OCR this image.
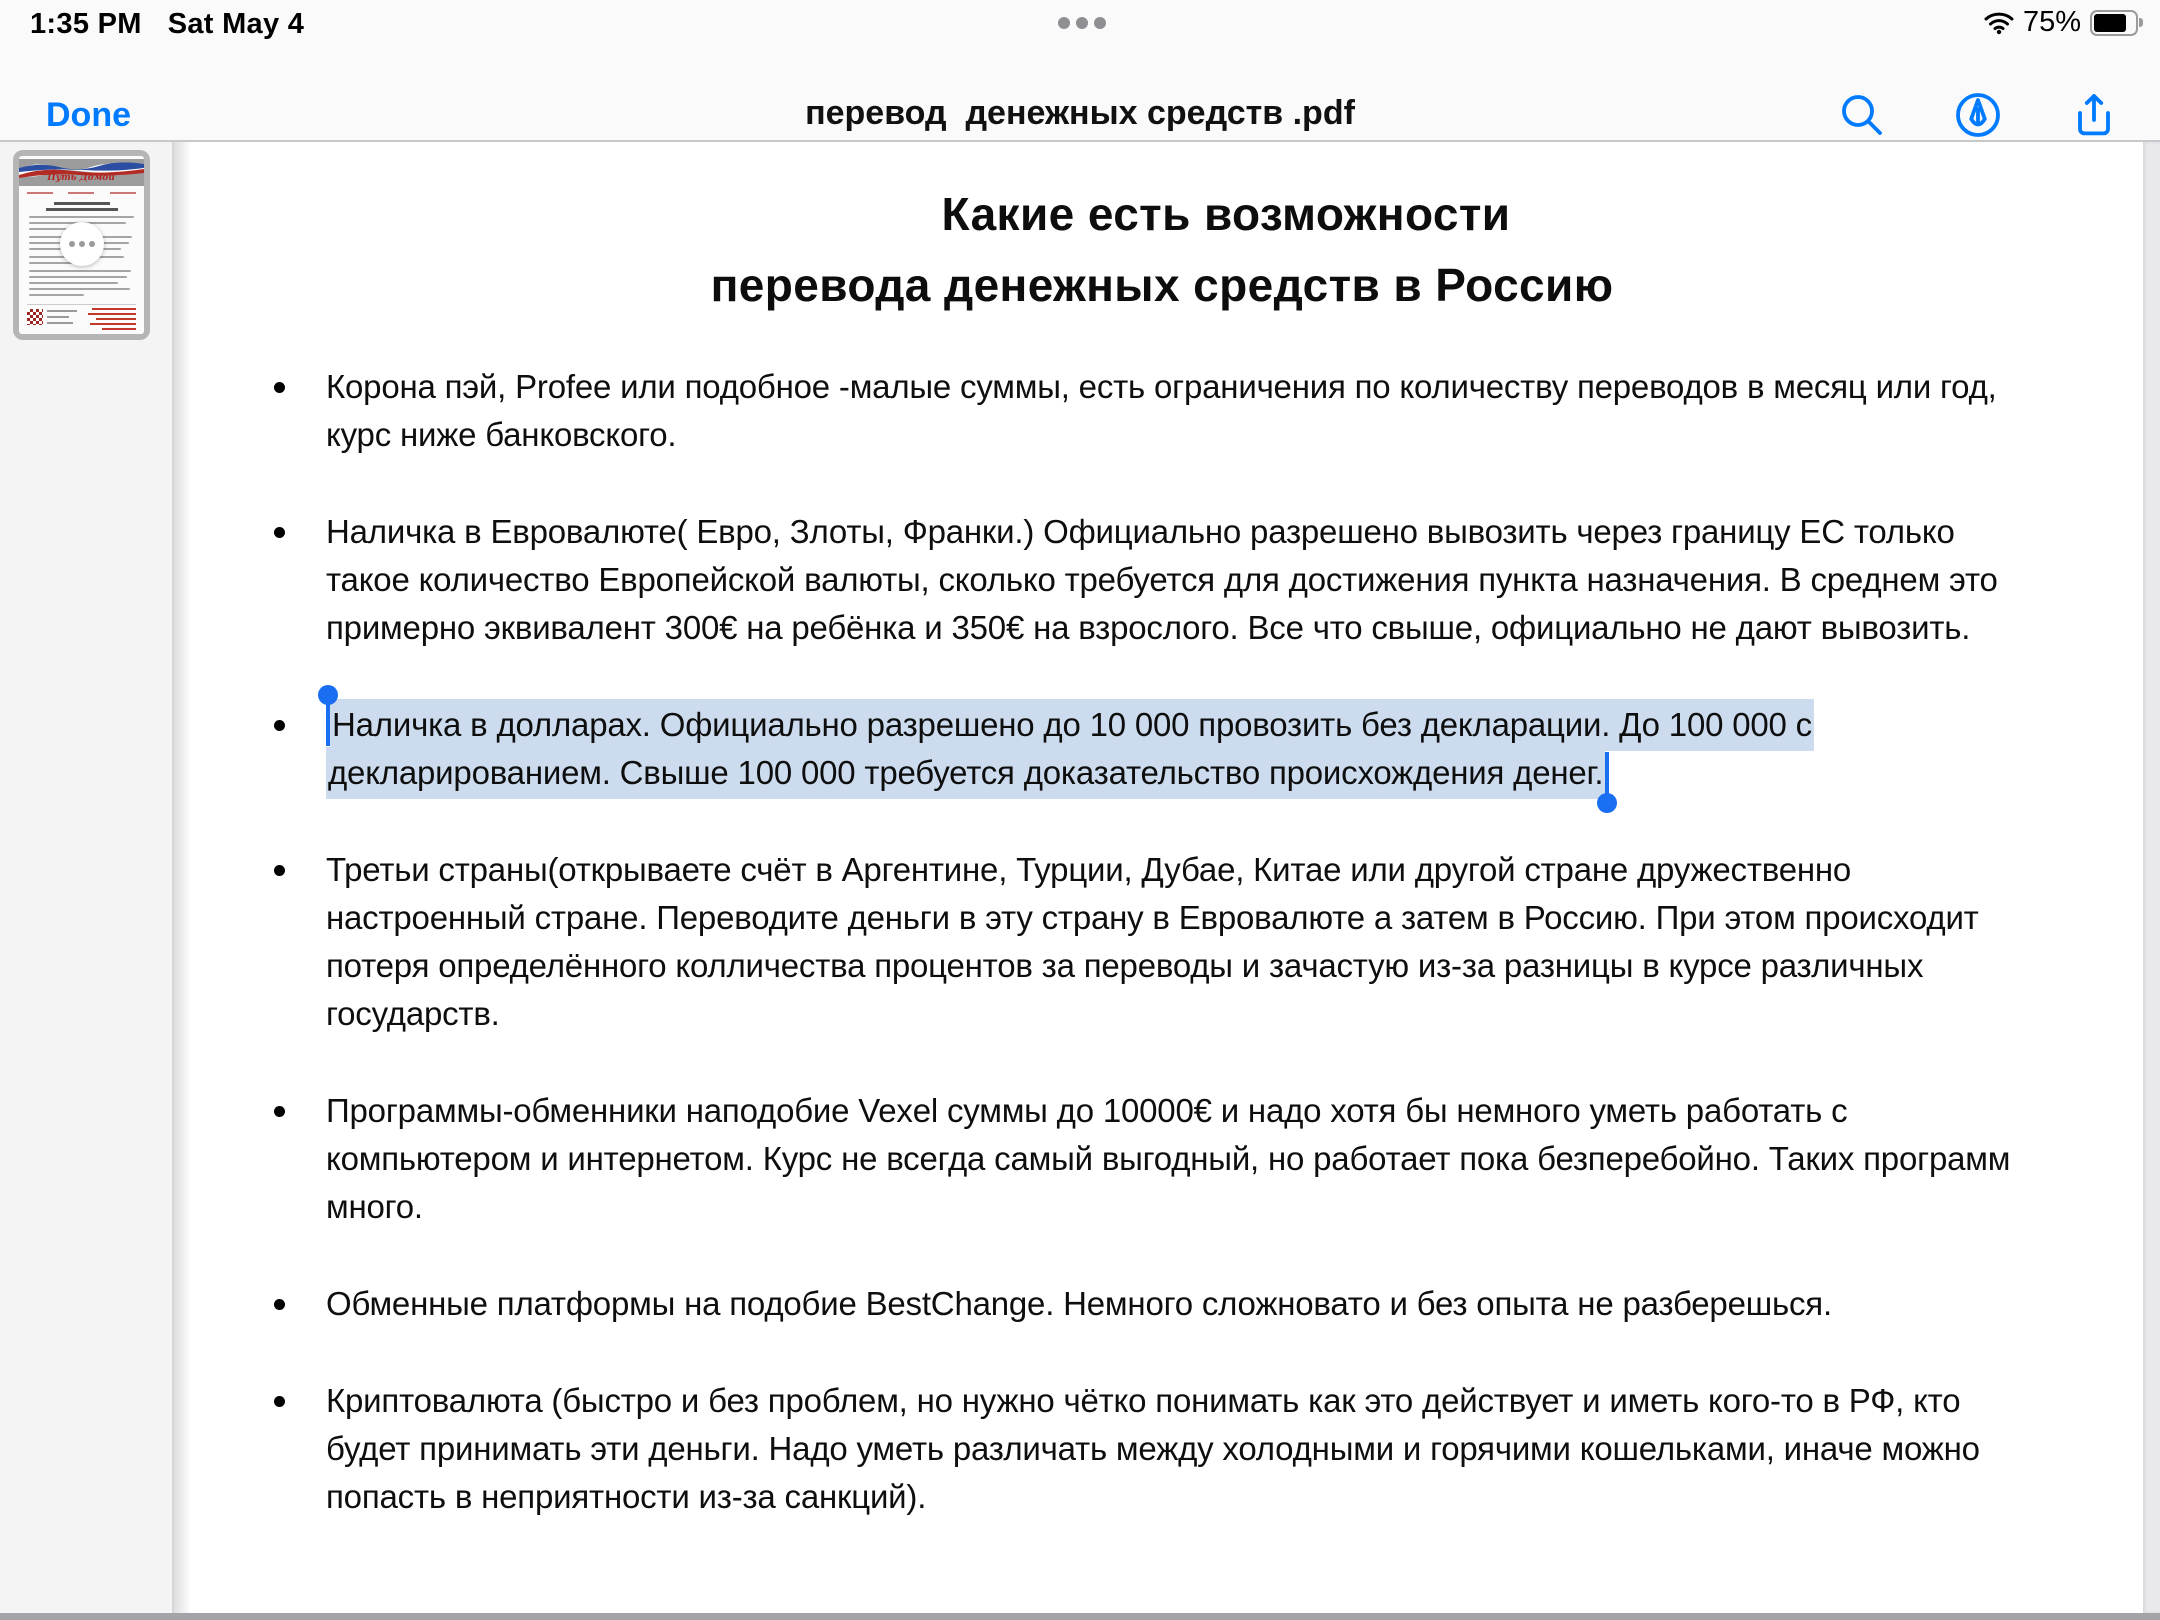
1:35 PM Sat May 4	75%
Done	перевод  денежных средств .pdf
Путь Домой
Какие есть возможности
перевода денежных средств в Россию
Корона пэй, Profee или подобное -малые суммы, есть ограничения по количеству переводов в месяц или год, курс ниже банковского.
Наличка в Евровалюте( Евро, Злоты, Франки.) Официально разрешено вывозить через границу ЕС только такое количество Европейской валюты, сколько требуется для достижения пункта назначения. В среднем это примерно эквивалент 300€ на ребёнка и 350€ на взрослого. Все что свыше, официально не дают вывозить.
Наличка в долларах. Официально разрешено до 10 000 провозить без декларации. До 100 000 с
декларированием. Свыше 100 000 требуется доказательство происхождения денег.
Третьи страны(открываете счёт в Аргентине, Турции, Дубае, Китае или другой стране дружественно настроенный стране. Переводите деньги в эту страну в Евровалюте а затем в Россию. При этом происходит потеря определённого колличества процентов за переводы и зачастую из-за разницы в курсе различных государств.
Программы-обменники наподобие Vexel суммы до 10000€ и надо хотя бы немного уметь работать с компьютером и интернетом. Курс не всегда самый выгодный, но работает пока безперебойно. Таких программ много.
Обменные платформы на подобие BestChange. Немного сложновато и без опыта не разберешься.
Криптовалюта (быстро и без проблем, но нужно чётко понимать как это действует и иметь кого-то в РФ, кто будет принимать эти деньги. Надо уметь различать между холодными и горячими кошельками, иначе можно попасть в неприятности из-за санкций).
